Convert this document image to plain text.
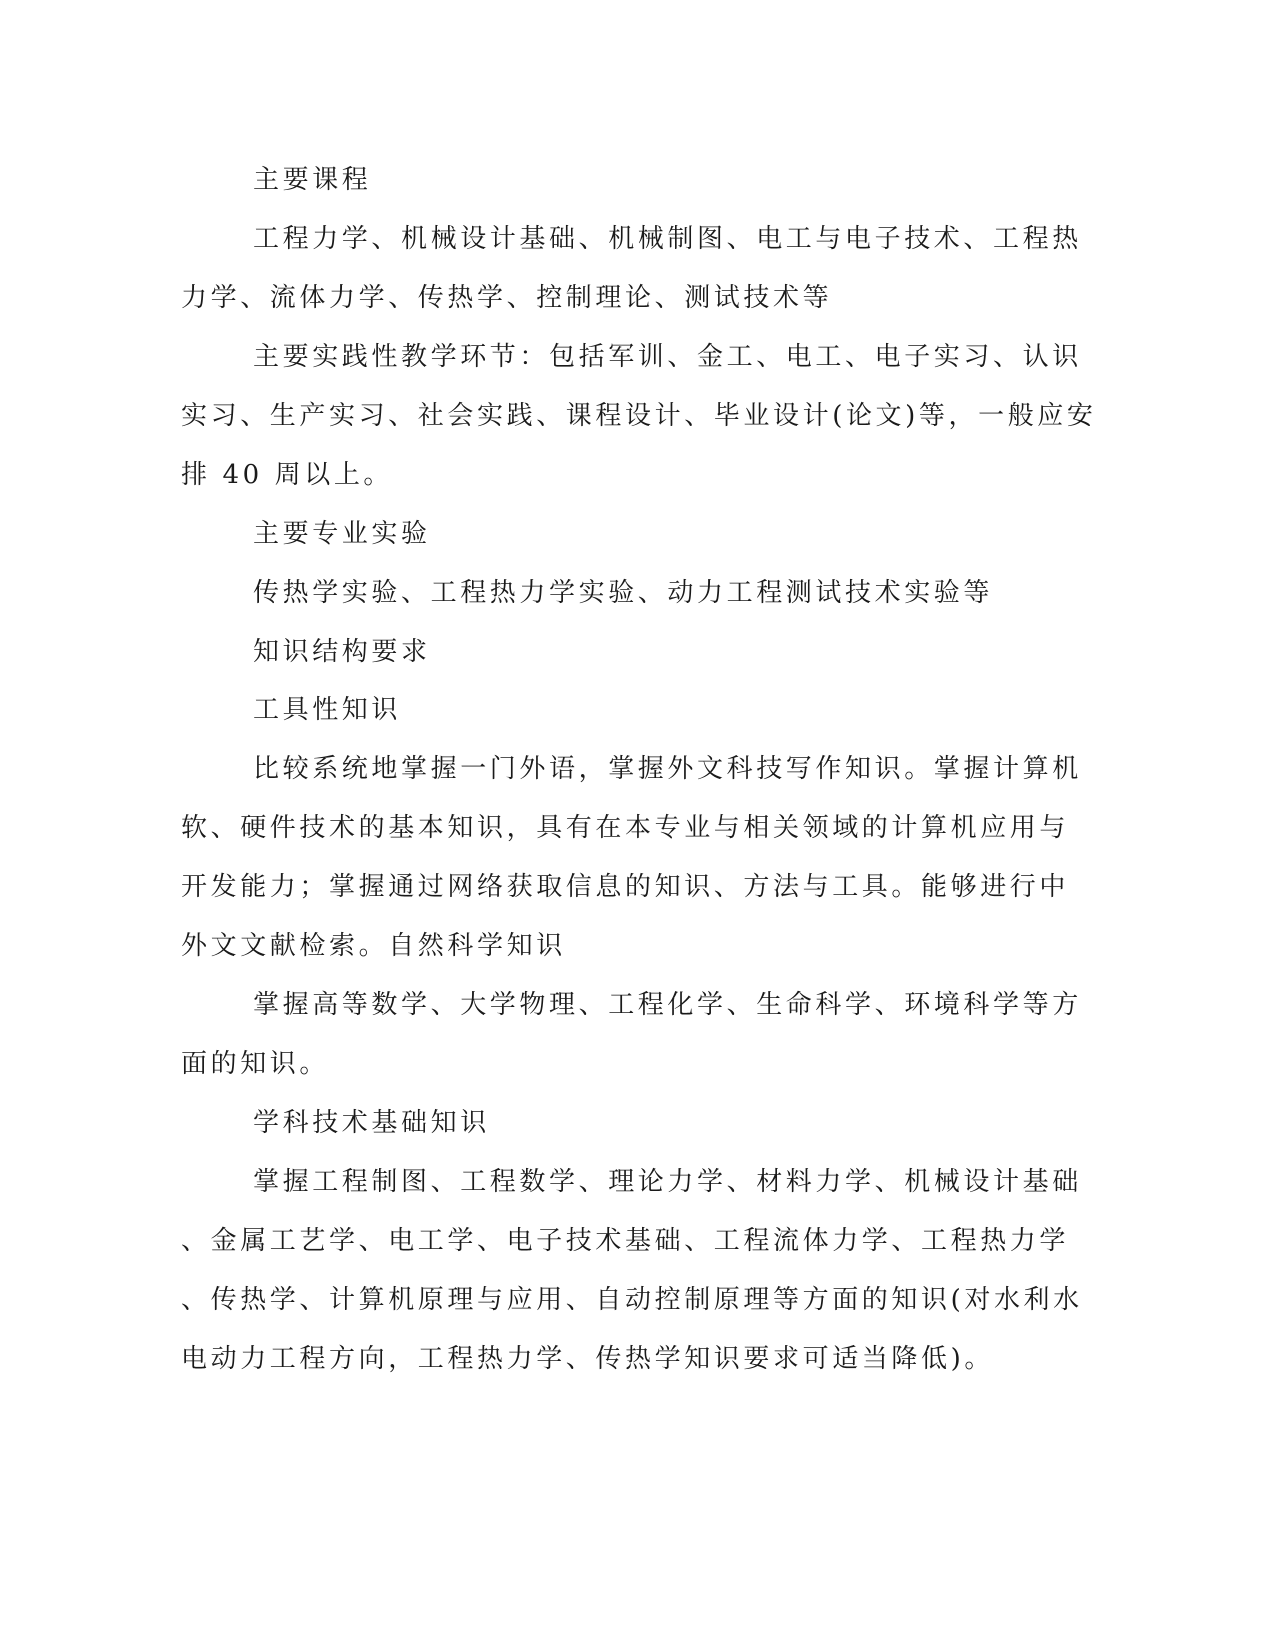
主要课程

工程力学、机械设计基础、机械制图、电工与电子技术、工程热

力学、流体力学、传热学、控制理论、测试技术等

主要实践性教学环节：包括军训、金工、电工、电子实习、认识

实习、生产实习、社会实践、课程设计、毕业设计(论文)等，一般应安

排 40 周以上。

主要专业实验

传热学实验、工程热力学实验、动力工程测试技术实验等

知识结构要求

工具性知识

比较系统地掌握一门外语，掌握外文科技写作知识。掌握计算机

软、硬件技术的基本知识，具有在本专业与相关领域的计算机应用与

开发能力；掌握通过网络获取信息的知识、方法与工具。能够进行中

外文文献检索。自然科学知识

掌握高等数学、大学物理、工程化学、生命科学、环境科学等方

面的知识。

学科技术基础知识

掌握工程制图、工程数学、理论力学、材料力学、机械设计基础

、金属工艺学、电工学、电子技术基础、工程流体力学、工程热力学

、传热学、计算机原理与应用、自动控制原理等方面的知识(对水利水

电动力工程方向，工程热力学、传热学知识要求可适当降低)。
